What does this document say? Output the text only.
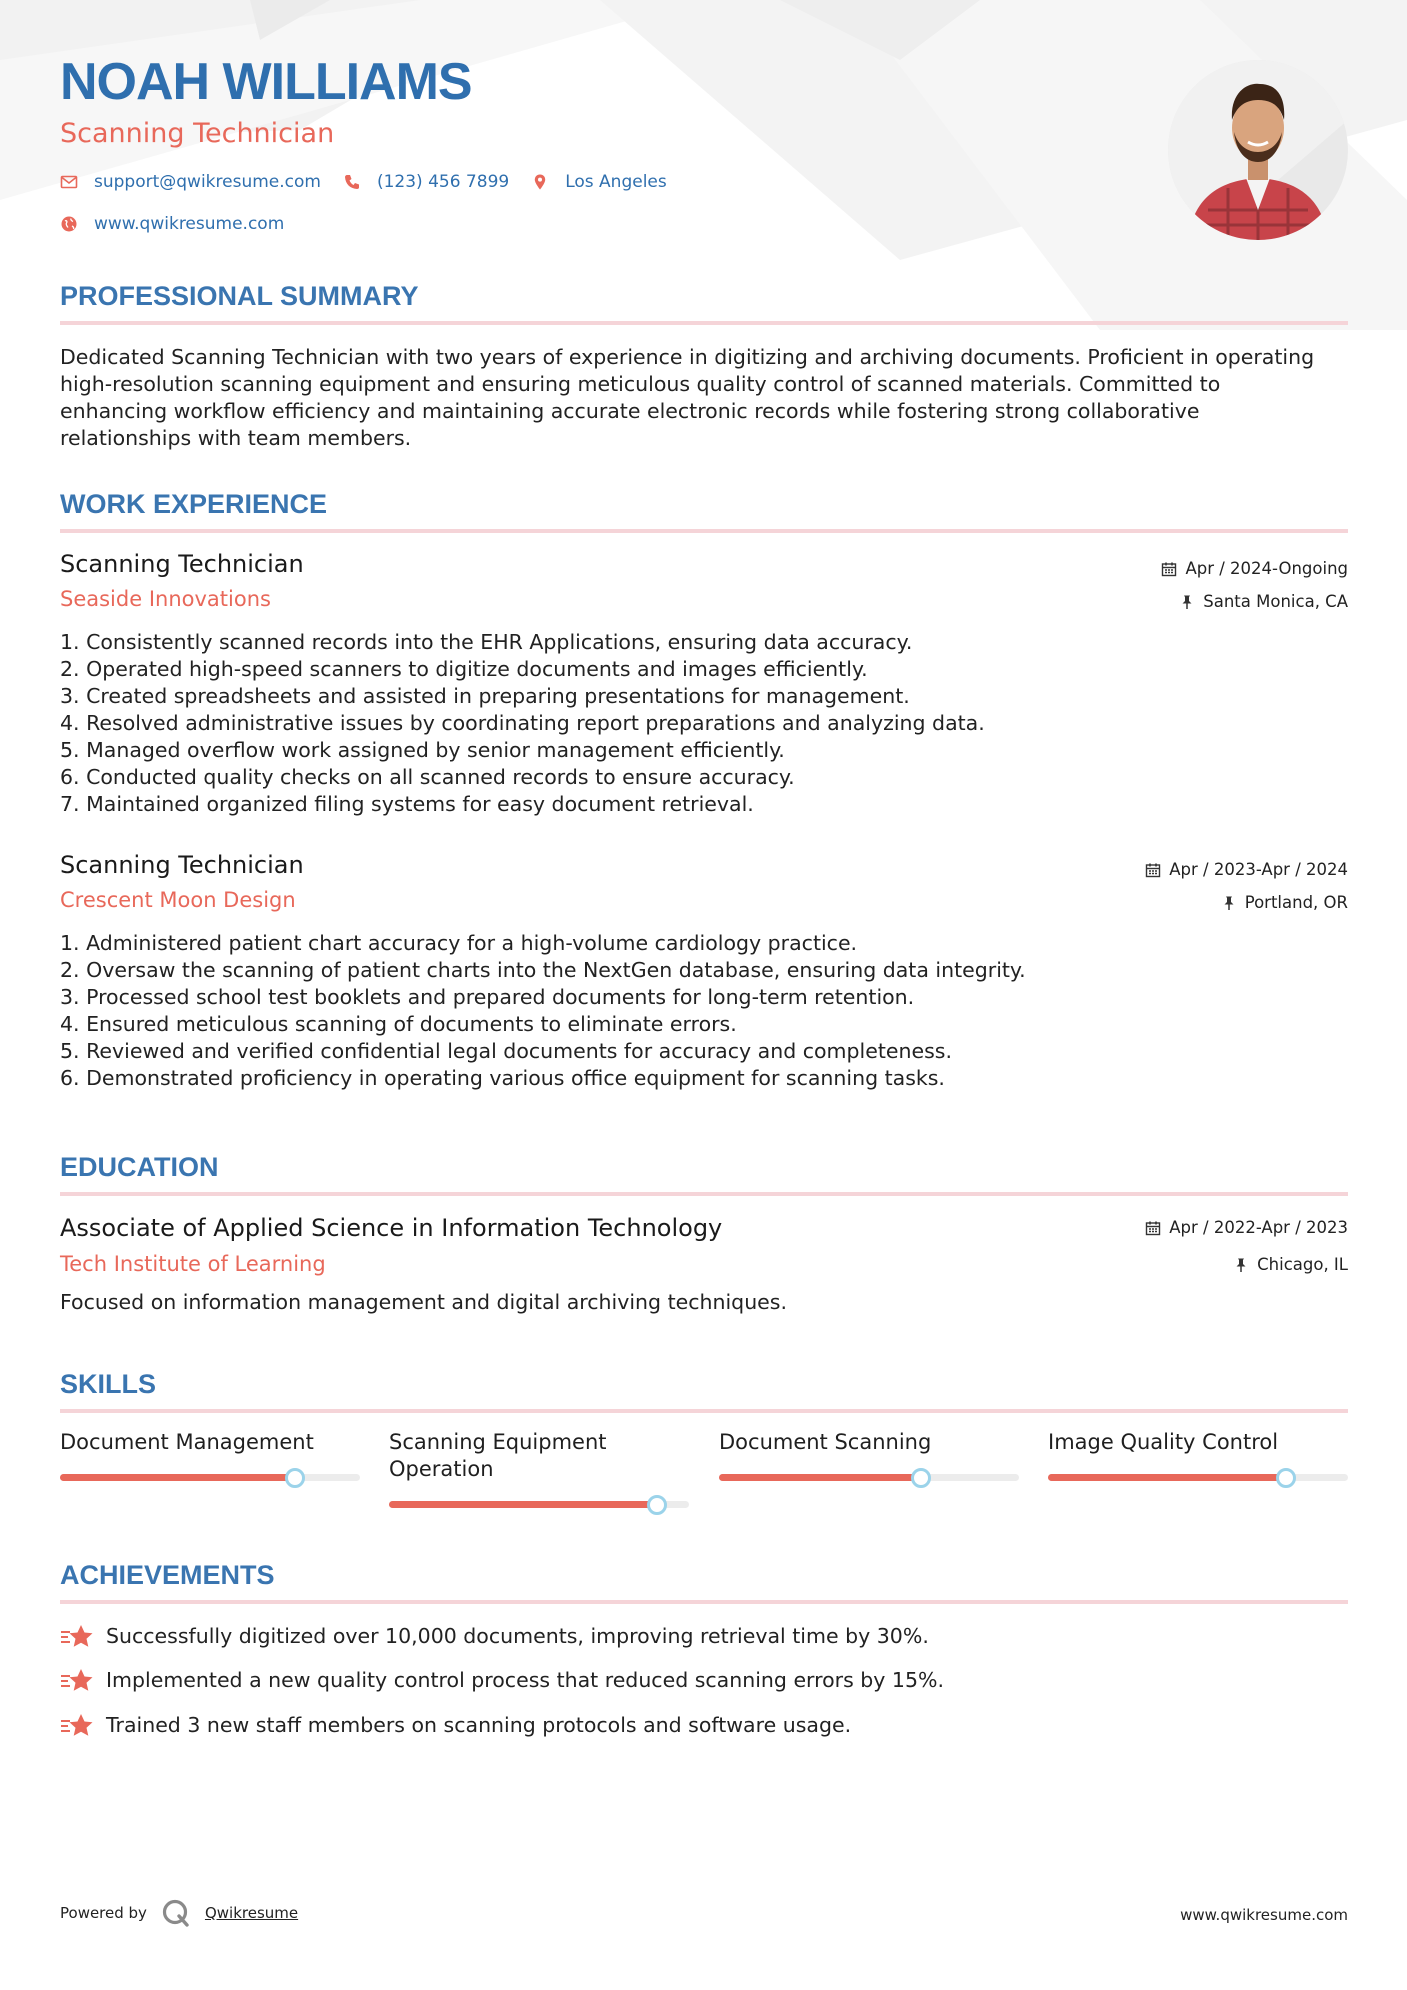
NOAH WILLIAMS
Scanning Technician
support@qwikresume.com	(123) 456 7899	Los Angeles
www.qwikresume.com
PROFESSIONAL SUMMARY
Dedicated Scanning Technician with two years of experience in digitizing and archiving documents. Proficient in operating
high-resolution scanning equipment and ensuring meticulous quality control of scanned materials. Committed to
enhancing workflow efficiency and maintaining accurate electronic records while fostering strong collaborative
relationships with team members.
WORK EXPERIENCE
Scanning Technician
Seaside Innovations
Apr / 2024-Ongoing
Santa Monica, CA
1. Consistently scanned records into the EHR Applications, ensuring data accuracy.
2. Operated high-speed scanners to digitize documents and images efficiently.
3. Created spreadsheets and assisted in preparing presentations for management.
4. Resolved administrative issues by coordinating report preparations and analyzing data.
5. Managed overflow work assigned by senior management efficiently.
6. Conducted quality checks on all scanned records to ensure accuracy.
7. Maintained organized filing systems for easy document retrieval.
Scanning Technician
Crescent Moon Design
Apr / 2023-Apr / 2024
Portland, OR
1. Administered patient chart accuracy for a high-volume cardiology practice.
2. Oversaw the scanning of patient charts into the NextGen database, ensuring data integrity.
3. Processed school test booklets and prepared documents for long-term retention.
4. Ensured meticulous scanning of documents to eliminate errors.
5. Reviewed and verified confidential legal documents for accuracy and completeness.
6. Demonstrated proficiency in operating various office equipment for scanning tasks.
EDUCATION
Associate of Applied Science in Information Technology
Tech Institute of Learning
Apr / 2022-Apr / 2023
Chicago, IL
Focused on information management and digital archiving techniques.
SKILLS
Document Management	Scanning Equipment Operation
Document Scanning	Image Quality Control
ACHIEVEMENTS
Successfully digitized over 10,000 documents, improving retrieval time by 30%.
Implemented a new quality control process that reduced scanning errors by 15%.
Trained 3 new staff members on scanning protocols and software usage.
Powered by	Qwikresume	www.qwikresume.com
